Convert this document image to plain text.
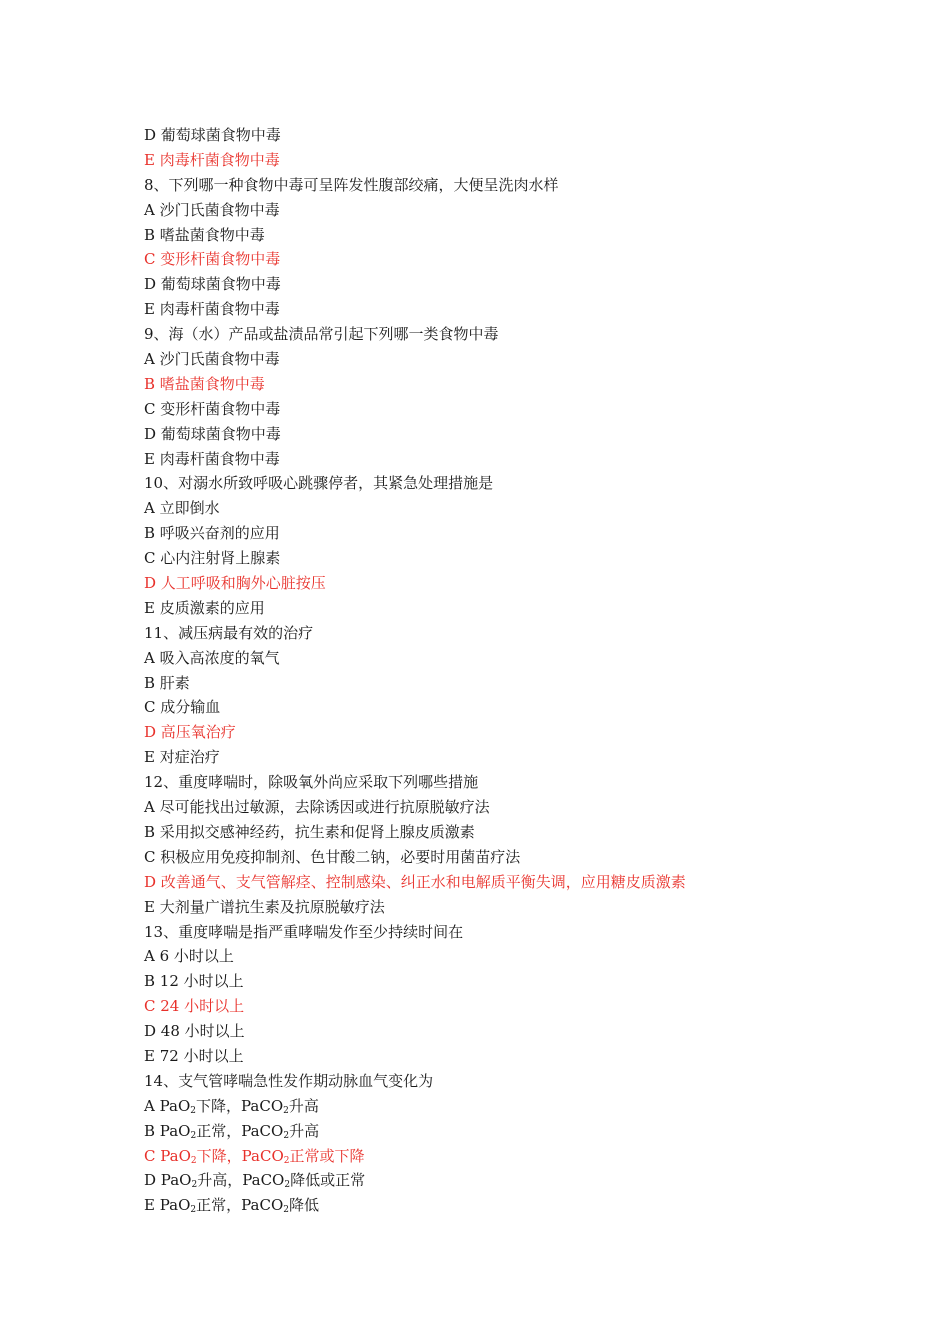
D 葡萄球菌食物中毒
E 肉毒杆菌食物中毒
8、下列哪一种食物中毒可呈阵发性腹部绞痛，大便呈洗肉水样
A 沙门氏菌食物中毒
B 嗜盐菌食物中毒
C 变形杆菌食物中毒
D 葡萄球菌食物中毒
E 肉毒杆菌食物中毒
9、海（水）产品或盐渍品常引起下列哪一类食物中毒
A 沙门氏菌食物中毒
B 嗜盐菌食物中毒
C 变形杆菌食物中毒
D 葡萄球菌食物中毒
E 肉毒杆菌食物中毒
10、对溺水所致呼吸心跳骤停者，其紧急处理措施是
A 立即倒水
B 呼吸兴奋剂的应用
C 心内注射肾上腺素
D 人工呼吸和胸外心脏按压
E 皮质激素的应用
11、减压病最有效的治疗
A 吸入高浓度的氧气
B 肝素
C 成分输血
D 高压氧治疗
E 对症治疗
12、重度哮喘时，除吸氧外尚应采取下列哪些措施
A 尽可能找出过敏源，去除诱因或进行抗原脱敏疗法
B 采用拟交感神经药，抗生素和促肾上腺皮质激素
C 积极应用免疫抑制剂、色甘酸二钠，必要时用菌苗疗法
D 改善通气、支气管解痉、控制感染、纠正水和电解质平衡失调，应用糖皮质激素
E 大剂量广谱抗生素及抗原脱敏疗法
13、重度哮喘是指严重哮喘发作至少持续时间在
A 6 小时以上
B 12 小时以上
C 24 小时以上
D 48 小时以上
E 72 小时以上
14、支气管哮喘急性发作期动脉血气变化为
A PaO$_2$下降，PaCO$_2$升高
B PaO$_2$正常，PaCO$_2$升高
C PaO$_2$下降，PaCO$_2$正常或下降
D PaO$_2$升高，PaCO$_2$降低或正常
E PaO$_2$正常，PaCO$_2$降低
